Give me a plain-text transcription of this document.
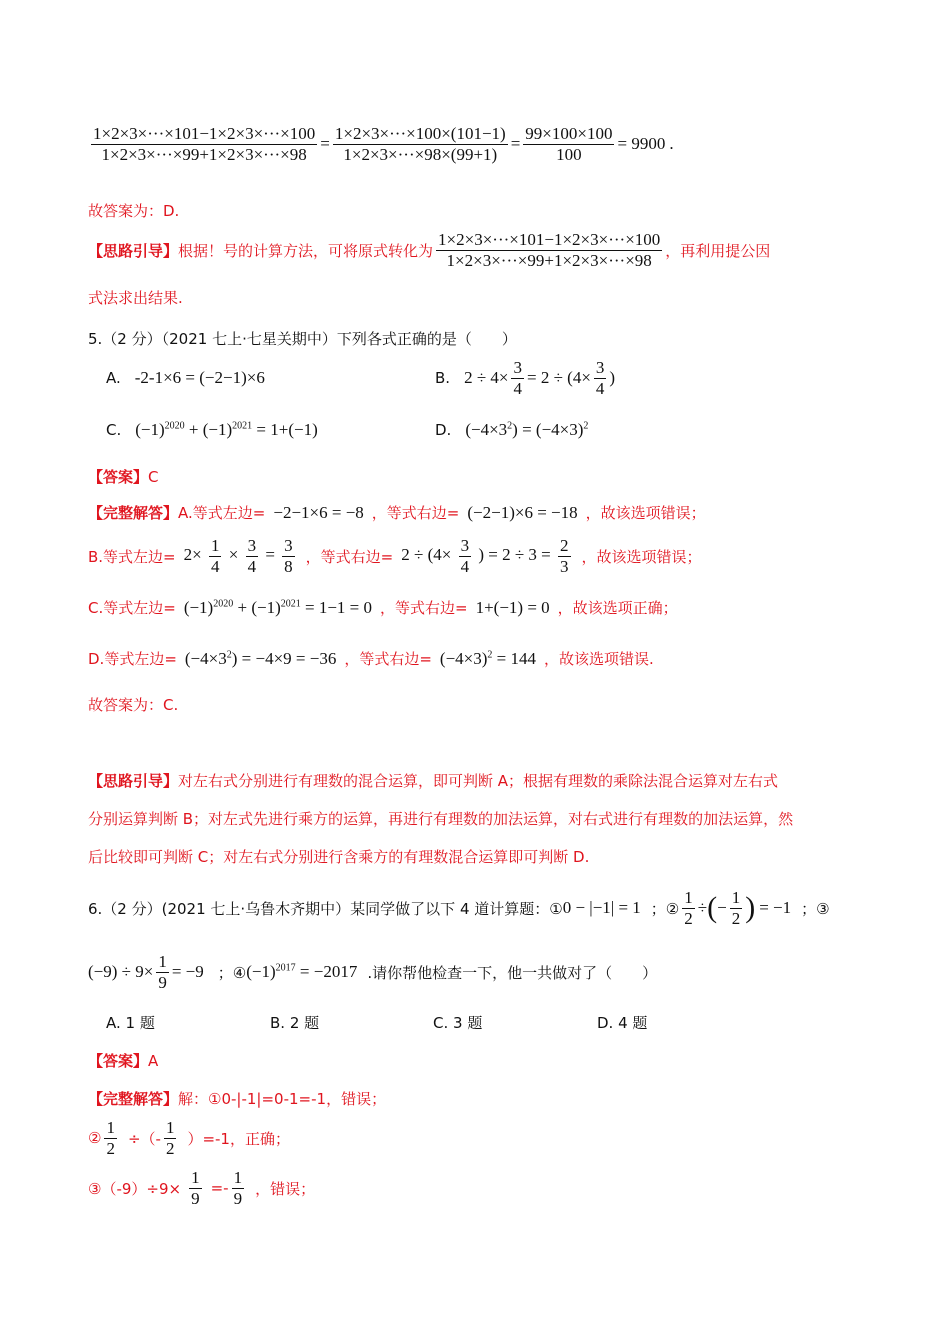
$\frac{1\times 2\times 3\times\cdot\cdot\cdot\times 101-1\times 2\times 3\times\cdot\cdot\cdot\times 100}{1\times 2\times 3\times\cdot\cdot\cdot\times 99+1\times 2\times 3\times\cdot\cdot\cdot\times 98} = \frac{1\times 2\times 3\times\cdot\cdot\cdot\times 100\times(101-1)}{1\times 2\times 3\times\cdot\cdot\cdot\times 98\times(99+1)} = \frac{99\times 100\times 100}{100} = 9900$ .
故答案为：D.
【思路引导】 根据！号的计算方法，可将原式转化为 $\frac{1\times 2\times 3\times\cdot\cdot\cdot\times 101-1\times 2\times 3\times\cdot\cdot\cdot\times 100}{1\times 2\times 3\times\cdot\cdot\cdot\times 99+1\times 2\times 3\times\cdot\cdot\cdot\times 98}$ ，再利用提公因
式法求出结果.
5.（2 分）（2021 七上·七星关期中）下列各式正确的是（　　）
A. -2-1×6 = (−2−1)×6	B. $2 \div 4\times \frac{3}{4} = 2 \div (4\times \frac{3}{4}$ )
C. $(-1)^{2020} + (-1)^{2021} = 1+(-1)$	D. $(-4\times 3^2) = (-4\times 3)^2$
【答案】C
【完整解答】 A.等式左边= −2−1×6 = −8 ，等式右边= (−2−1)×6 = −18 ，故该选项错误；
B.等式左边= $2\times \frac{1}{4} \times \frac{3}{4} = \frac{3}{8}$ ，等式右边= $2 \div (4\times \frac{3}{4}$ ) = $2 \div 3 = \frac{2}{3}$ ，故该选项错误；
C.等式左边= $(-1)^{2020} + (-1)^{2021} = 1-1 = 0$ ，等式右边= 1+(−1) = 0 ，故该选项正确；
D.等式左边= $(-4\times 3^2) = -4\times 9 = -36$ ，等式右边= $(-4\times 3)^2 = 144$ ，故该选项错误.
故答案为：C.
【思路引导】对左右式分别进行有理数的混合运算，即可判断 A；根据有理数的乘除法混合运算对左右式
分别运算判断 B；对左式先进行乘方的运算，再进行有理数的加法运算，对右式进行有理数的加法运算，然
后比较即可判断 C；对左右式分别进行含乘方的有理数混合运算即可判断 D.
6.（2 分）(2021 七上·乌鲁木齐期中）某同学做了以下 4 道计算题：① 0 − |−1| = 1 ；② $\frac{1}{2}$ ÷ ( − $\frac{1}{2}$ ) = −1 ；③
$(-9) \div 9\times \frac{1}{9} = -9$ ；④ $(-1)^{2017} = -2017$ .请你帮他检查一下，他一共做对了（　　）
A. 1 题	B. 2 题	C. 3 题	D. 4 题
【答案】A
【完整解答】解：①0-|-1|=0-1=-1，错误；
② $\frac{1}{2}$ ÷（- $\frac{1}{2} )=-1$，正确；
③（-9）÷9× $\frac{1}{9} =- \frac{1}{9}$ ，错误；
